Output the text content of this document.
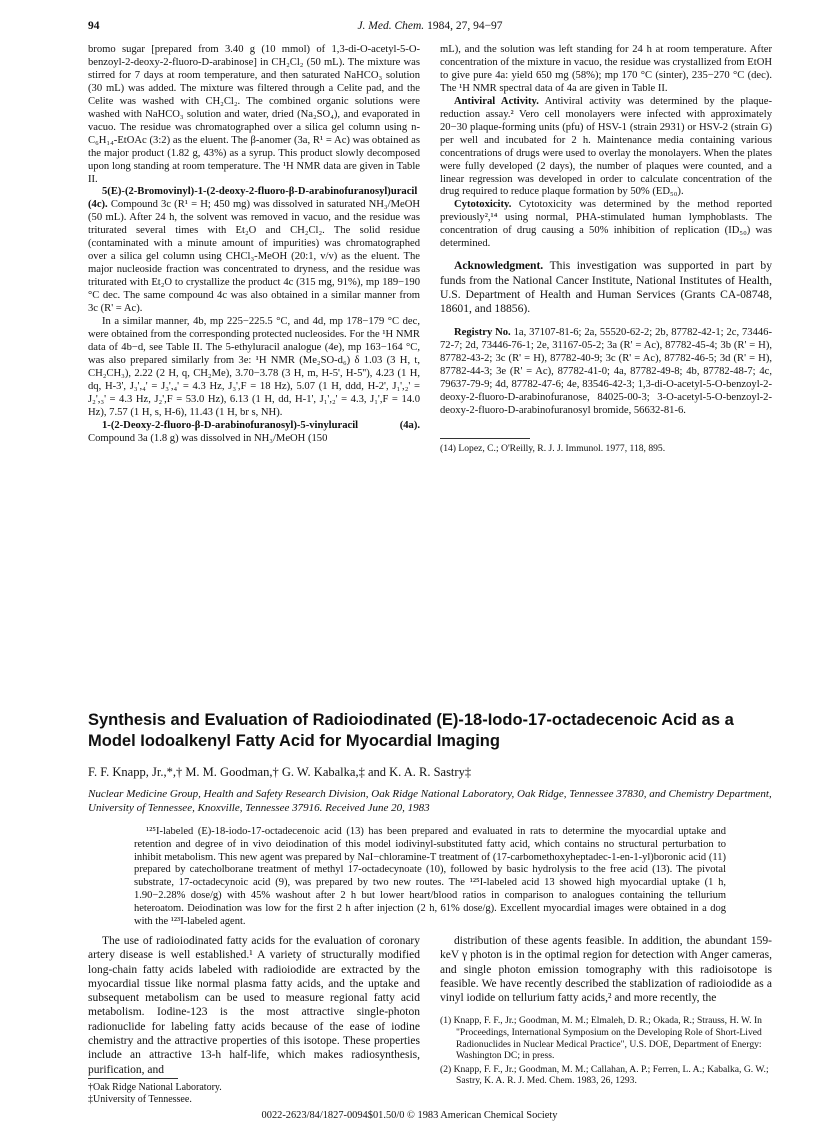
94	J. Med. Chem. 1984, 27, 94−97

bromo sugar [prepared from 3.40 g (10 mmol) of 1,3-di-O-acetyl-5-O-benzoyl-2-deoxy-2-fluoro-D-arabinose] in CH₂Cl₂ (50 mL). The mixture was stirred for 7 days at room temperature, and then saturated NaHCO₃ solution (30 mL) was added. The mixture was filtered through a Celite pad, and the Celite was washed with CH₂Cl₂. The combined organic solutions were washed with NaHCO₃ solution and water, dried (Na₂SO₄), and evaporated in vacuo. The residue was chromatographed over a silica gel column using n-C₆H₁₄-EtOAc (3:2) as the eluent. The β-anomer (3a, R¹ = Ac) was obtained as the major product (1.82 g, 43%) as a syrup. This product slowly decomposed upon long standing at room temperature. The ¹H NMR data are given in Table II.

5(E)-(2-Bromovinyl)-1-(2-deoxy-2-fluoro-β-D-arabinofuranosyl)uracil (4c). Compound 3c (R¹ = H; 450 mg) was dissolved in saturated NH₃/MeOH (50 mL). After 24 h, the solvent was removed in vacuo, and the residue was triturated several times with Et₂O and CH₂Cl₂. The solid residue (contaminated with a minute amount of impurities) was chromatographed over a silica gel column using CHCl₃-MeOH (20:1, v/v) as the eluent. The major nucleoside fraction was concentrated to dryness, and the residue was triturated with Et₂O to crystallize the product 4c (315 mg, 91%), mp 189−190 °C dec. The same compound 4c was also obtained in a similar manner from 3c (R' = Ac).

In a similar manner, 4b, mp 225−225.5 °C, and 4d, mp 178−179 °C dec, were obtained from the corresponding protected nucleosides. For the ¹H NMR data of 4b−d, see Table II. The 5-ethyluracil analogue (4e), mp 163−164 °C, was also prepared similarly from 3e: ¹H NMR (Me₂SO-d₆) δ 1.03 (3 H, t, CH₂CH₃), 2.22 (2 H, q, CH₂Me), 3.70−3.78 (3 H, m, H-5', H-5''), 4.23 (1 H, dq, H-3', J₃',₄' = J₃',₄' = 4.3 Hz, J₃',F = 18 Hz), 5.07 (1 H, ddd, H-2', J₁',₂' = J₂',₃' = 4.3 Hz, J₂',F = 53.0 Hz), 6.13 (1 H, dd, H-1', J₁',₂' = 4.3, J₁',F = 14.0 Hz), 7.57 (1 H, s, H-6), 11.43 (1 H, br s, NH).

1-(2-Deoxy-2-fluoro-β-D-arabinofuranosyl)-5-vinyluracil (4a). Compound 3a (1.8 g) was dissolved in NH₃/MeOH (150

mL), and the solution was left standing for 24 h at room temperature. After concentration of the mixture in vacuo, the residue was crystallized from EtOH to give pure 4a: yield 650 mg (58%); mp 170 °C (sinter), 235−270 °C (dec). The ¹H NMR spectral data of 4a are given in Table II.

Antiviral Activity. Antiviral activity was determined by the plaque-reduction assay.² Vero cell monolayers were infected with approximately 20−30 plaque-forming units (pfu) of HSV-1 (strain 2931) or HSV-2 (strain G) per well and incubated for 2 h. Maintenance media containing various concentrations of drugs were used to overlay the monolayers. When the plates were fully developed (2 days), the number of plaques were counted, and a linear regression was developed in order to calculate concentration of the drug required to reduce plaque formation by 50% (ED₅₀).

Cytotoxicity. Cytotoxicity was determined by the method reported previously²,¹⁴ using normal, PHA-stimulated human lymphoblasts. The concentration of drug causing a 50% inhibition of replication (ID₅₀) was determined.

Acknowledgment. This investigation was supported in part by funds from the National Cancer Institute, National Institutes of Health, U.S. Department of Health and Human Services (Grants CA-08748, 18601, and 18856).

Registry No. 1a, 37107-81-6; 2a, 55520-62-2; 2b, 87782-42-1; 2c, 73446-72-7; 2d, 73446-76-1; 2e, 31167-05-2; 3a (R' = Ac), 87782-45-4; 3b (R' = H), 87782-43-2; 3c (R' = H), 87782-40-9; 3c (R' = Ac), 87782-46-5; 3d (R' = H), 87782-44-3; 3e (R' = Ac), 87782-41-0; 4a, 87782-49-8; 4b, 87782-48-7; 4c, 79637-79-9; 4d, 87782-47-6; 4e, 83546-42-3; 1,3-di-O-acetyl-5-O-benzoyl-2-deoxy-2-fluoro-D-arabinofuranose, 84025-00-3; 3-O-acetyl-5-O-benzoyl-2-deoxy-2-fluoro-D-arabinofuranosyl bromide, 56632-81-6.

(14) Lopez, C.; O'Reilly, R. J. J. Immunol. 1977, 118, 895.
Synthesis and Evaluation of Radioiodinated (E)-18-Iodo-17-octadecenoic Acid as a Model Iodoalkenyl Fatty Acid for Myocardial Imaging
F. F. Knapp, Jr.,*,† M. M. Goodman,† G. W. Kabalka,‡ and K. A. R. Sastry‡
Nuclear Medicine Group, Health and Safety Research Division, Oak Ridge National Laboratory, Oak Ridge, Tennessee 37830, and Chemistry Department, University of Tennessee, Knoxville, Tennessee 37916. Received June 20, 1983

¹²⁵I-labeled (E)-18-iodo-17-octadecenoic acid (13) has been prepared and evaluated in rats to determine the myocardial uptake and retention and degree of in vivo deiodination of this model iodivinyl-substituted fatty acid, which contains no structural perturbation to inhibit metabolism. This new agent was prepared by NaI−chloramine-T treatment of (17-carbomethoxyheptadec-1-en-1-yl)boronic acid (11) prepared by catecholborane treatment of methyl 17-octadecynoate (10), followed by basic hydrolysis to the free acid (13). The pivotal substrate, 17-octadecynoic acid (9), was prepared by two new routes. The ¹²⁵I-labeled acid 13 showed high myocardial uptake (1 h, 1.90−2.28% dose/g) with 45% washout after 2 h but lower heart/blood ratios in comparison to analogues containing the tellurium heteroatom. Deiodination was low for the first 2 h after injection (2 h, 61% dose/g). Excellent myocardial images were obtained in a dog with the ¹²³I-labeled agent.

The use of radioiodinated fatty acids for the evaluation of coronary artery disease is well established.¹ A variety of structurally modified long-chain fatty acids labeled with radioiodide are extracted by the myocardial tissue like normal plasma fatty acids, and the uptake and subsequent metabolism can be used to measure regional fatty acid metabolism. Iodine-123 is the most attractive single-photon radionuclide for labeling fatty acids because of the ease of iodine chemistry and the attractive properties of this isotope. These properties include an attractive 13-h half-life, which makes radiosynthesis, purification, and

distribution of these agents feasible. In addition, the abundant 159-keV γ photon is in the optimal region for detection with Anger cameras, and single photon emission tomography with this radioisotope is feasible. We have recently described the stablization of radioiodide as a vinyl iodide on tellurium fatty acids,² and more recently, the

(1) Knapp, F. F., Jr.; Goodman, M. M.; Elmaleh, D. R.; Okada, R.; Strauss, H. W. In "Proceedings, International Symposium on the Developing Role of Short-Lived Radionuclides in Nuclear Medical Practice", U.S. DOE, Department of Energy: Washington DC; in press.
(2) Knapp, F. F., Jr.; Goodman, M. M.; Callahan, A. P.; Ferren, L. A.; Kabalka, G. W.; Sastry, K. A. R. J. Med. Chem. 1983, 26, 1293.
†Oak Ridge National Laboratory.
‡University of Tennessee.
0022-2623/84/1827-0094$01.50/0 © 1983 American Chemical Society
